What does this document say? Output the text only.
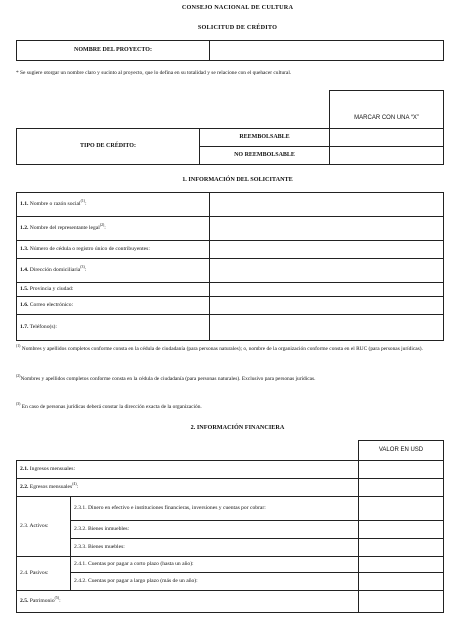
CONSEJO NACIONAL DE CULTURA
SOLICITUD DE CRÉDITO
NOMBRE DEL PROYECTO:	
* Se sugiere otorgar un nombre claro y sucinto al proyecto, que lo defina en su totalidad y se relacione con el quehacer cultural.
		MARCAR CON UNA “X”
TIPO DE CRÉDITO:	REEMBOLSABLE	
	NO REEMBOLSABLE	
1. INFORMACIÓN DEL SOLICITANTE
1.1. Nombre o razón social$^{(1)}$:	
1.2. Nombre del representante legal$^{(2)}$:	
1.3. Número de cédula o registro único de contribuyentes:	
1.4. Dirección domiciliaria$^{(3)}$:	
1.5. Provincia y ciudad:	
1.6. Correo electrónico:	
1.7. Teléfono(s):	
$^{(1)}$ Nombres y apellidos completos conforme consta en la cédula de ciudadanía (para personas naturales); o, nombre de la organización conforme consta en el RUC (para personas jurídicas).
$^{(2)}$Nombres y apellidos completos conforme consta en la cédula de ciudadanía (para personas naturales). Exclusivo para personas jurídicas.
$^{(3)}$ En caso de personas jurídicas deberá constar la dirección exacta de la organización.
2. INFORMACIÓN FINANCIERA
		VALOR EN USD
2.1. Ingresos mensuales:		
2.2. Egresos mensuales$^{(4)}$:		
2.3. Activos:	2.3.1. Dinero en efectivo e instituciones financieras, inversiones y cuentas por cobrar:	
	2.3.2. Bienes inmuebles:	
	2.3.3. Bienes muebles:	
2.4. Pasivos:	2.4.1. Cuentas por pagar a corto plazo (hasta un año):	
	2.4.2. Cuentas por pagar a largo plazo (más de un año):	
2.5. Patrimonio$^{(5)}$:		
